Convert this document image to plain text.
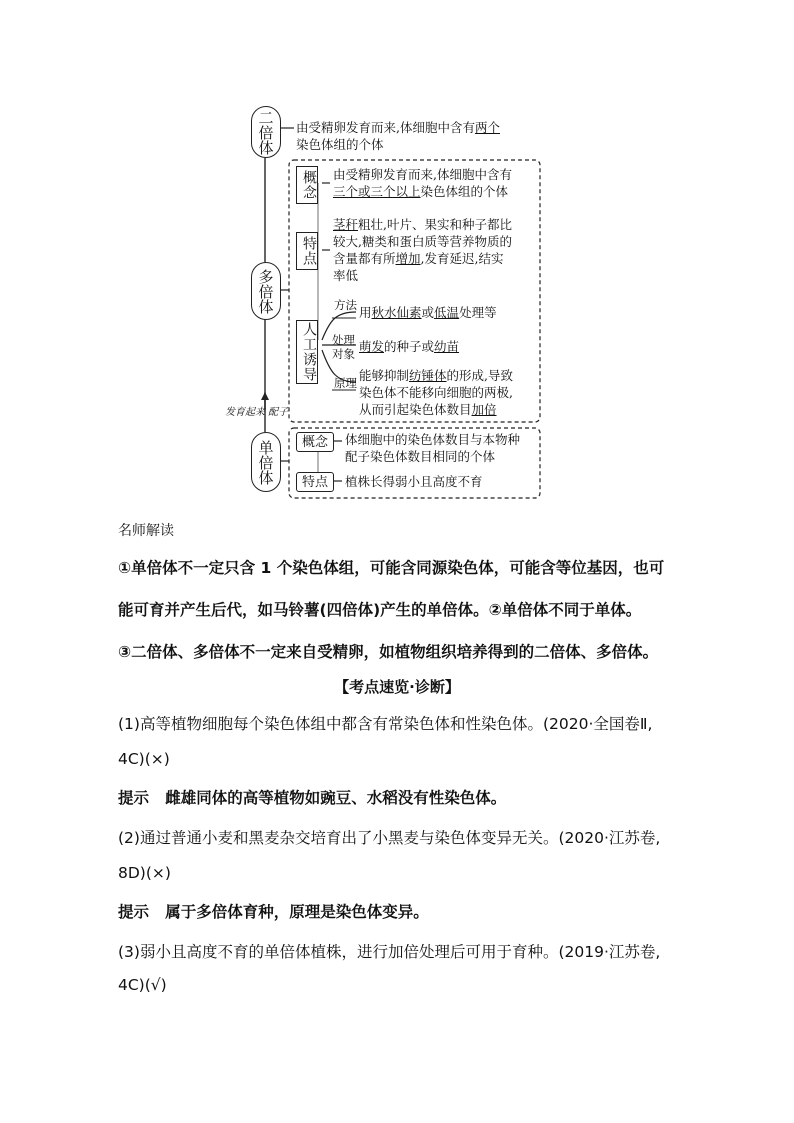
二倍体 由受精卵发育而来,体细胞中含有两个
染色体组的个体
多倍体
概念 由受精卵发育而来,体细胞中含有
三个或三个以上染色体组的个体
特点
茎秆粗壮,叶片、果实和种子都比
较大,糖类和蛋白质等营养物质的
含量都有所增加,发育延迟,结实
率低
人工诱导
方法 用秋水仙素或低温处理等
处理
对象 萌发的种子或幼苗
原理 能够抑制纺锤体的形成,导致
染色体不能移向细胞的两极,
从而引起染色体数目加倍
发育起来 配子
单倍体 概念 体细胞中的染色体数目与本物种
配子染色体数目相同的个体
特点 植株长得弱小且高度不育
名师解读
①单倍体不一定只含 1 个染色体组，可能含同源染色体，可能含等位基因，也可
能可育并产生后代，如马铃薯(四倍体)产生的单倍体。②单倍体不同于单体。
③二倍体、多倍体不一定来自受精卵，如植物组织培养得到的二倍体、多倍体。
【考点速览·诊断】
(1)高等植物细胞每个染色体组中都含有常染色体和性染色体。(2020·全国卷Ⅱ,
4C)(×)
提示 雌雄同体的高等植物如豌豆、水稻没有性染色体。
(2)通过普通小麦和黑麦杂交培育出了小黑麦与染色体变异无关。(2020·江苏卷,
8D)(×)
提示 属于多倍体育种，原理是染色体变异。
(3)弱小且高度不育的单倍体植株，进行加倍处理后可用于育种。(2019·江苏卷,
4C)(√)
